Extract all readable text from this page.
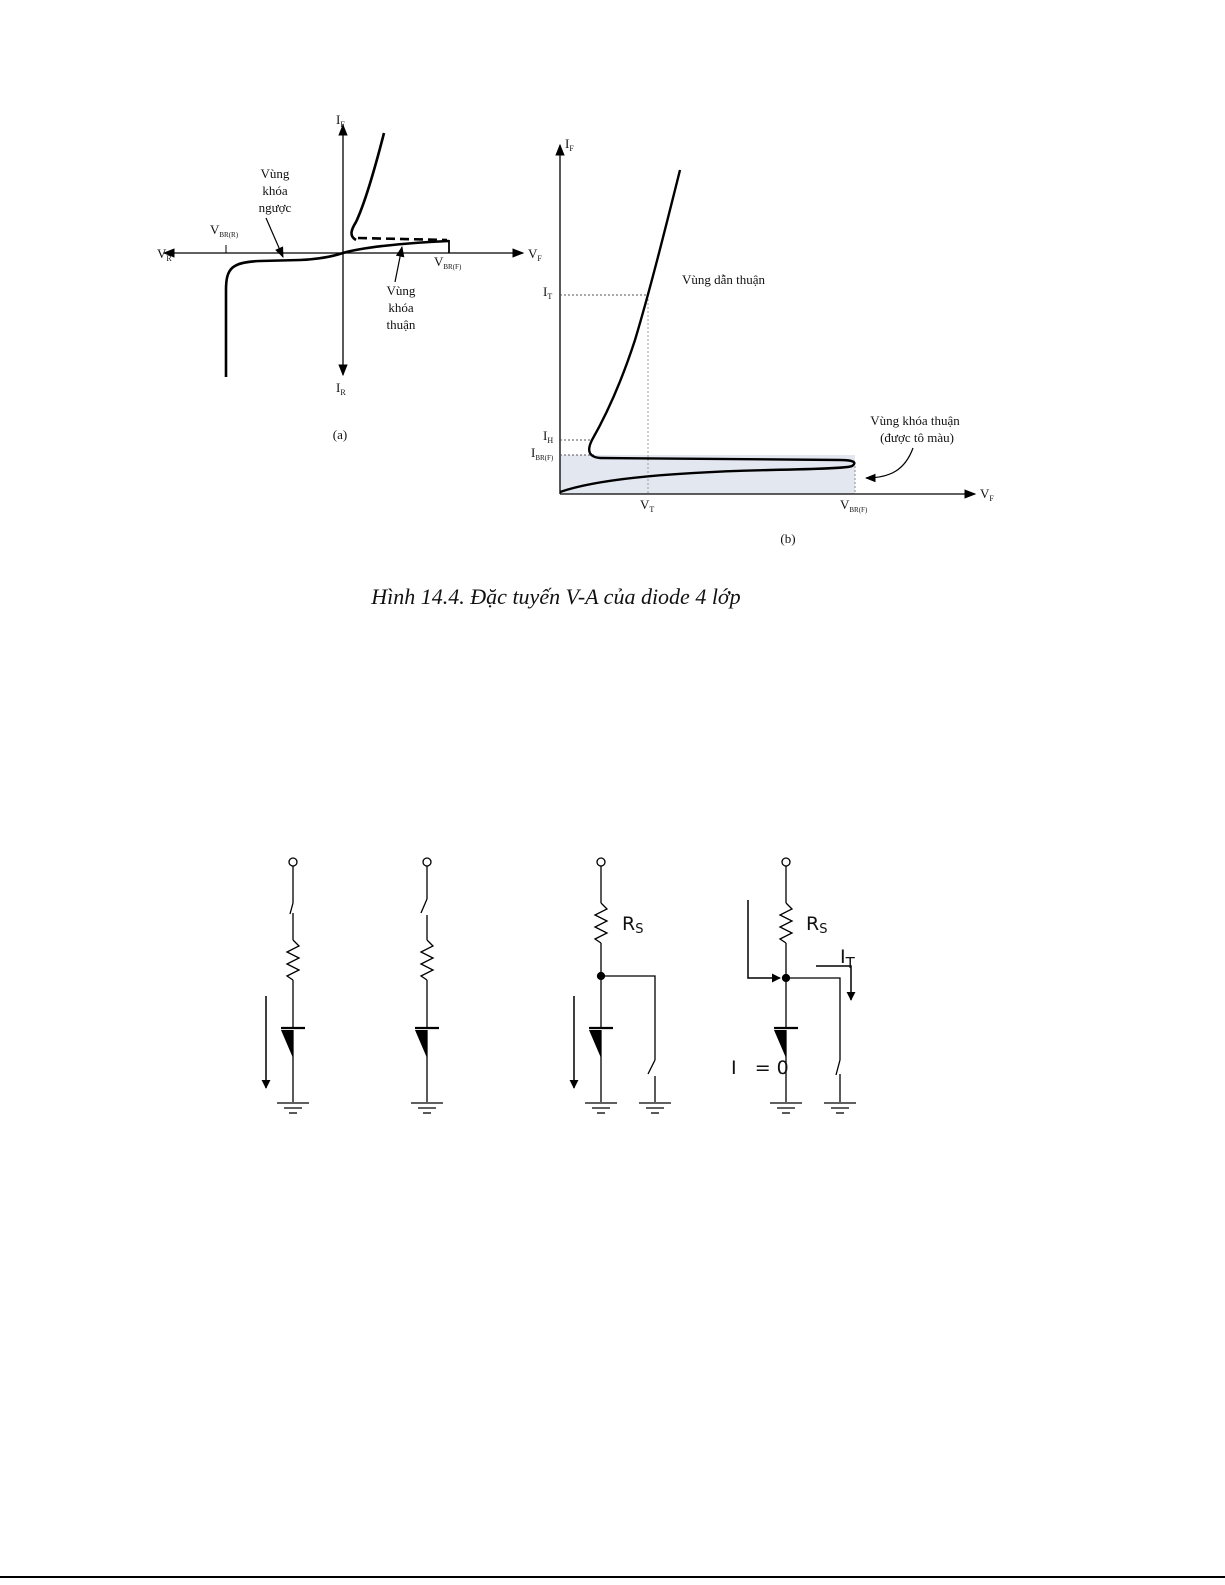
$I_F$
$I_R$
$V_R$	$V_F$
$V_{BR(R)}$
$V_{BR(F)}$
Vùng
khóa
ngược
Vùng
khóa
thuận
(a)
$I_F$
$V_F$
$I_T$
$I_H$
$I_{BR(F)}$
$V_T$	$V_{BR(F)}$
Vùng dẫn thuận
Vùng khóa thuận
(được tô màu)
(b)
RS	RS
$I_T$
I   = 0
Hình 14.4. Đặc tuyến V-A của diode 4 lớp
